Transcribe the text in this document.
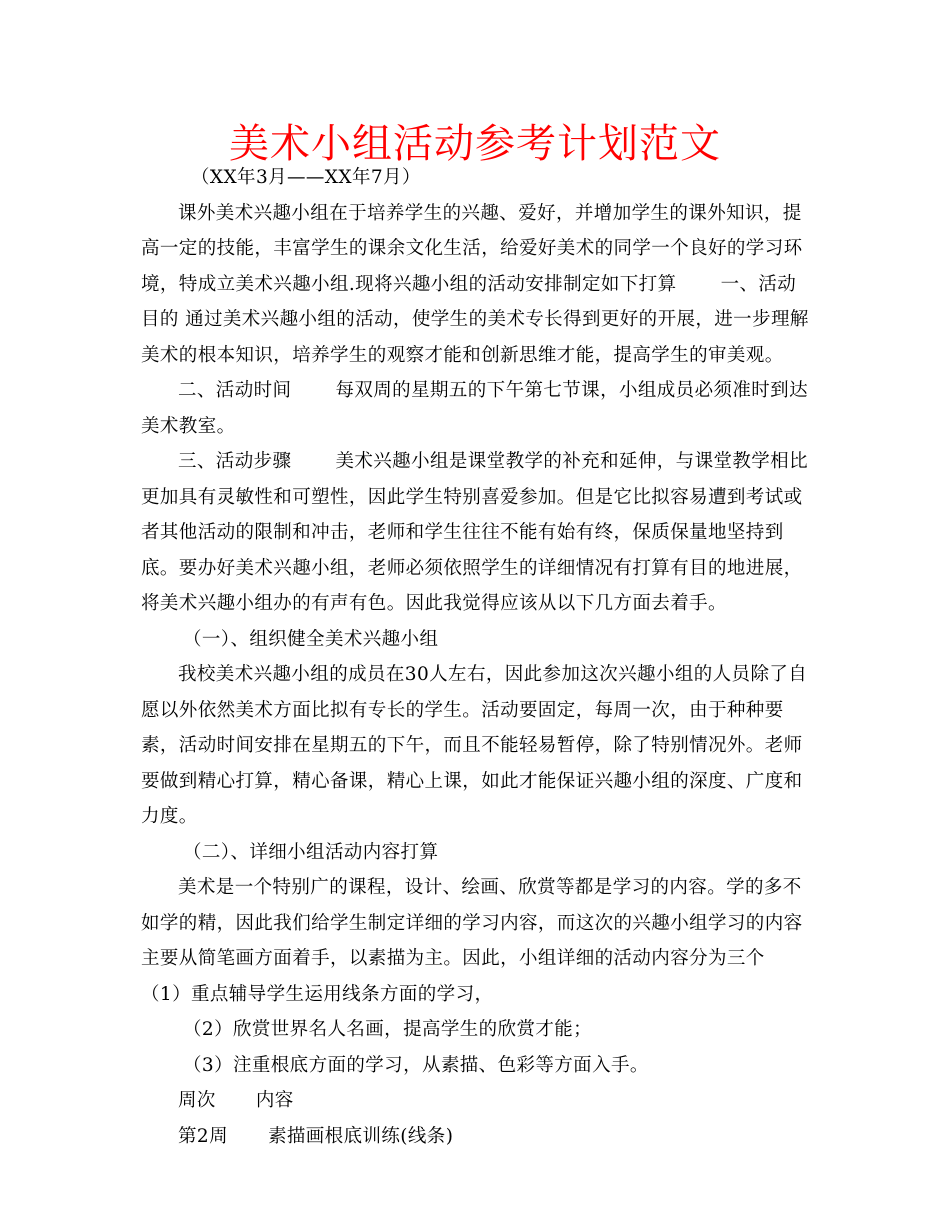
美术小组活动参考计划范文

（XX年3月——XX年7月）

课外美术兴趣小组在于培养学生的兴趣、爱好，并增加学生的课外知识，提高一定的技能，丰富学生的课余文化生活，给爱好美术的同学一个良好的学习环境，特成立美术兴趣小组.现将兴趣小组的活动安排制定如下打算　　 一、活动目的 通过美术兴趣小组的活动，使学生的美术专长得到更好的开展，进一步理解美术的根本知识，培养学生的观察才能和创新思维才能，提高学生的审美观。

二、活动时间　　 每双周的星期五的下午第七节课，小组成员必须准时到达美术教室。

三、活动步骤　　 美术兴趣小组是课堂教学的补充和延伸，与课堂教学相比更加具有灵敏性和可塑性，因此学生特别喜爱参加。但是它比拟容易遭到考试或者其他活动的限制和冲击，老师和学生往往不能有始有终，保质保量地坚持到底。要办好美术兴趣小组，老师必须依照学生的详细情况有打算有目的地进展，将美术兴趣小组办的有声有色。因此我觉得应该从以下几方面去着手。

（一）、组织健全美术兴趣小组

我校美术兴趣小组的成员在30人左右，因此参加这次兴趣小组的人员除了自愿以外依然美术方面比拟有专长的学生。活动要固定，每周一次，由于种种要素，活动时间安排在星期五的下午，而且不能轻易暂停，除了特别情况外。老师要做到精心打算，精心备课，精心上课，如此才能保证兴趣小组的深度、广度和力度。

（二）、详细小组活动内容打算

美术是一个特别广的课程，设计、绘画、欣赏等都是学习的内容。学的多不如学的精，因此我们给学生制定详细的学习内容，而这次的兴趣小组学习的内容主要从简笔画方面着手，以素描为主。因此，小组详细的活动内容分为三个　　　（1）重点辅导学生运用线条方面的学习，

（2）欣赏世界名人名画，提高学生的欣赏才能；

（3）注重根底方面的学习，从素描、色彩等方面入手。

周次 内容

第2周 素描画根底训练(线条)
